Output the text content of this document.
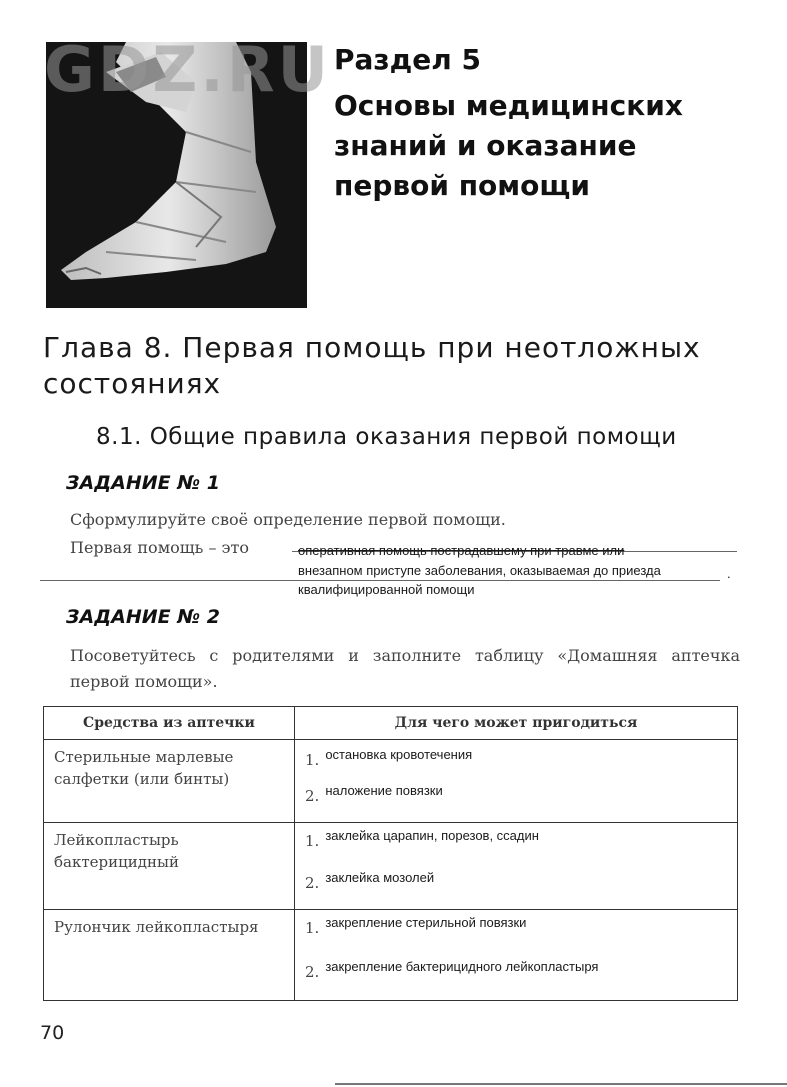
GDZ.RU Раздел 5
Основы медицинских
знаний и оказание
первой помощи
Глава 8. Первая помощь при неотложных
состояниях
8.1. Общие правила оказания первой помощи
ЗАДАНИЕ № 1
Сформулируйте своё определение первой помощи.
Первая помощь – это	оперативная помощь пострадавшему при травме или
внезапном приступе заболевания, оказываемая до приезда	.
квалифицированной помощи
ЗАДАНИЕ № 2
Посоветуйтесь с родителями и заполните таблицу «Домашняя аптечка первой помощи».
Средства из аптечки	Для чего может пригодиться

Стерильные марлевые салфетки (или бинты)	1. $^{остановка кровотечения}$
2. $^{наложение повязки}$

Лейкопластырь бактерицидный	1. $^{заклейка царапин, порезов, ссадин}$
2. $^{заклейка мозолей}$

Рулончик лейкопластыря	1. $^{закрепление стерильной повязки}$
2. $^{закрепление бактерицидного лейкопластыря}$
70
